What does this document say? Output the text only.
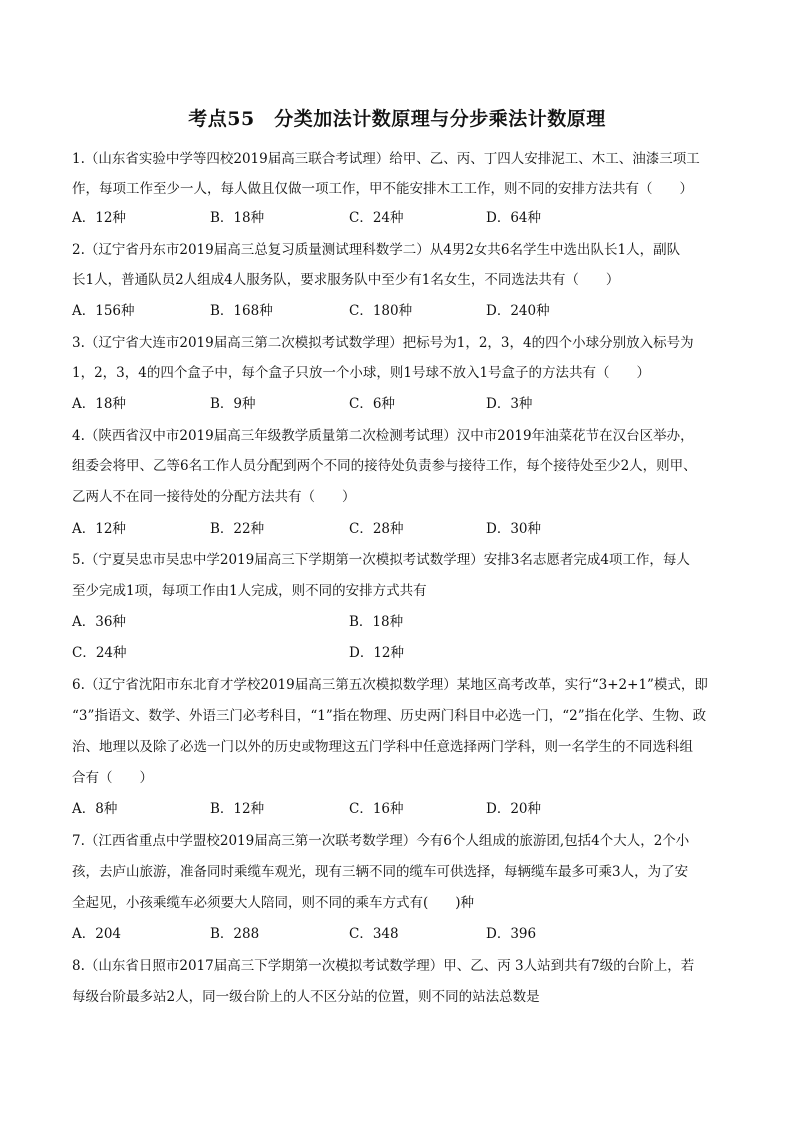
考点55　分类加法计数原理与分步乘法计数原理
1.（山东省实验中学等四校2019届高三联合考试理）给甲、乙、丙、丁四人安排泥工、木工、油漆三项工
作，每项工作至少一人，每人做且仅做一项工作，甲不能安排木工工作，则不同的安排方法共有（　　）
A．12种	B．18种	C．24种	D．64种
2.（辽宁省丹东市2019届高三总复习质量测试理科数学二）从4男2女共6名学生中选出队长1人，副队
长1人，普通队员2人组成4人服务队，要求服务队中至少有1名女生，不同选法共有（　　）
A．156种	B．168种	C．180种	D．240种
3.（辽宁省大连市2019届高三第二次模拟考试数学理）把标号为1，2，3，4的四个小球分别放入标号为
1，2，3，4的四个盒子中，每个盒子只放一个小球，则1号球不放入1号盒子的方法共有（　　）
A．18种	B．9种	C．6种	D．3种
4.（陕西省汉中市2019届高三年级教学质量第二次检测考试理）汉中市2019年油菜花节在汉台区举办，
组委会将甲、乙等6名工作人员分配到两个不同的接待处负责参与接待工作，每个接待处至少2人，则甲、
乙两人不在同一接待处的分配方法共有（　　）
A．12种	B．22种	C．28种	D．30种
5.（宁夏吴忠市吴忠中学2019届高三下学期第一次模拟考试数学理）安排3名志愿者完成4项工作，每人
至少完成1项，每项工作由1人完成，则不同的安排方式共有
A．36种	B．18种
C．24种	D．12种
6.（辽宁省沈阳市东北育才学校2019届高三第五次模拟数学理）某地区高考改革，实行“3+2+1”模式，即
“3”指语文、数学、外语三门必考科目，“1”指在物理、历史两门科目中必选一门，“2”指在化学、生物、政
治、地理以及除了必选一门以外的历史或物理这五门学科中任意选择两门学科，则一名学生的不同选科组
合有（　　）
A．8种	B．12种	C．16种	D．20种
7.（江西省重点中学盟校2019届高三第一次联考数学理）今有6个人组成的旅游团,包括4个大人，2个小
孩，去庐山旅游，准备同时乘缆车观光，现有三辆不同的缆车可供选择，每辆缆车最多可乘3人，为了安
全起见，小孩乘缆车必须要大人陪同，则不同的乘车方式有(　　)种
A．204	B．288	C．348	D．396
8.（山东省日照市2017届高三下学期第一次模拟考试数学理）甲、乙、丙 3人站到共有7级的台阶上，若
每级台阶最多站2人，同一级台阶上的人不区分站的位置，则不同的站法总数是
